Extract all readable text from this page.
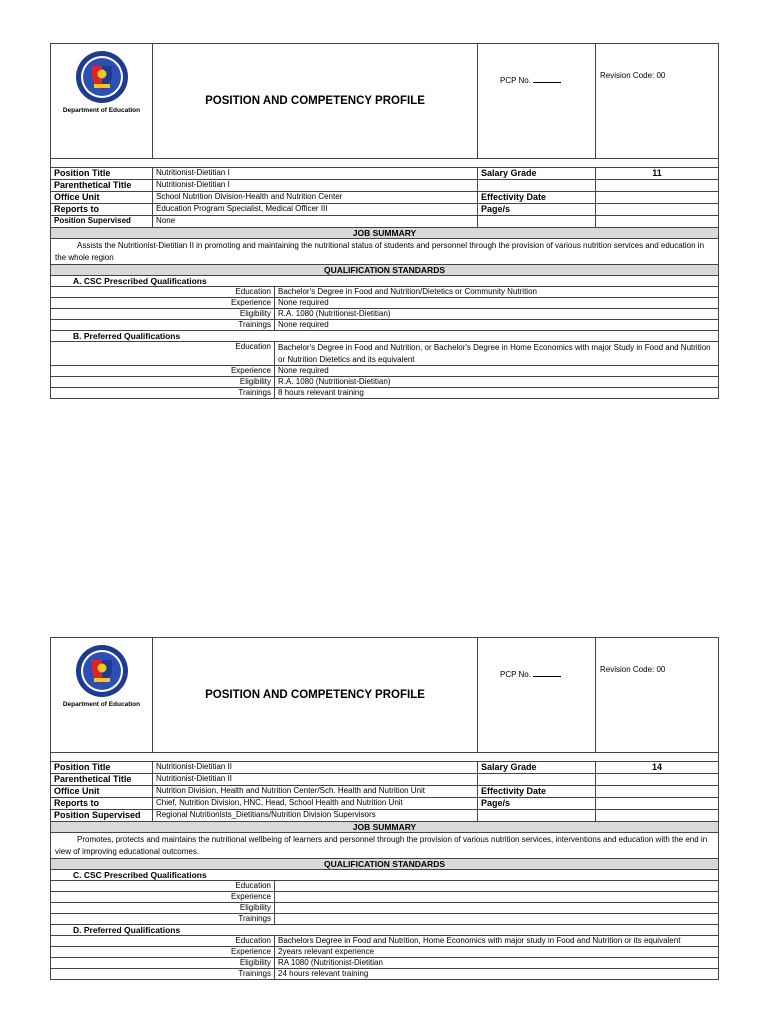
Department of Education	POSITION AND COMPETENCY PROFILE		PCP No.	Revision Code: 00

Position Title	Nutritionist-Dietitian I		Salary Grade	11
Parenthetical Title	Nutritionist-Dietitian I			
Office Unit	School Nutrition Division-Health and Nutrition Center		Effectivity Date	
Reports to	Education Program Specialist, Medical Officer III		Page/s	
Position Supervised	None			
JOB SUMMARY				
Assists the Nutritionist-Dietitian II in promoting and maintaining the nutritional status of students and personnel through the provision of various nutrition services and education in the whole region				
QUALIFICATION STANDARDS				
A. CSC Prescribed Qualifications				
Education		Bachelor's Degree in Food and Nutrition/Dietetics or Community Nutrition		
Experience		None required		
Eligibility		R.A. 1080 (Nutritionist-Dietitian)		
Trainings		None required		
B. Preferred Qualifications				
Education		Bachelor's Degree in Food and Nutrition, or Bachelor's Degree in Home Economics with major Study in Food and Nutrition or Nutrition Dietetics and its equivalent		
Experience		None required		
Eligibility		R.A. 1080 (Nutritionist-Dietitian)		
Trainings		8 hours relevant training		
Department of Education	POSITION AND COMPETENCY PROFILE		PCP No.	Revision Code: 00

Position Title	Nutritionist-Dietitian II		Salary Grade	14
Parenthetical Title	Nutritionist-Dietitian II			
Office Unit	Nutrition Division, Health and Nutrition Center/Sch. Health and Nutrition Unit		Effectivity Date	
Reports to	Chief, Nutrition Division, HNC, Head, School Health and Nutrition Unit		Page/s	
Position Supervised	Regional Nutritionists_Dietitians/Nutrition Division Supervisors			
JOB SUMMARY				
Promotes, protects and maintains the nutritional wellbeing of learners and personnel through the provision of various nutrition services, interventions and education with the end in view of improving educational outcomes.				
QUALIFICATION STANDARDS				
C. CSC Prescribed Qualifications				
Education				
Experience				
Eligibility				
Trainings				
D. Preferred Qualifications				
Education		Bachelors Degree in Food and Nutrition, Home Economics with major study in Food and Nutrition or its equivalent		
Experience		2years relevant experience		
Eligibility		RA 1080 (Nutritionist-Dietitian		
Trainings		24 hours relevant training		
